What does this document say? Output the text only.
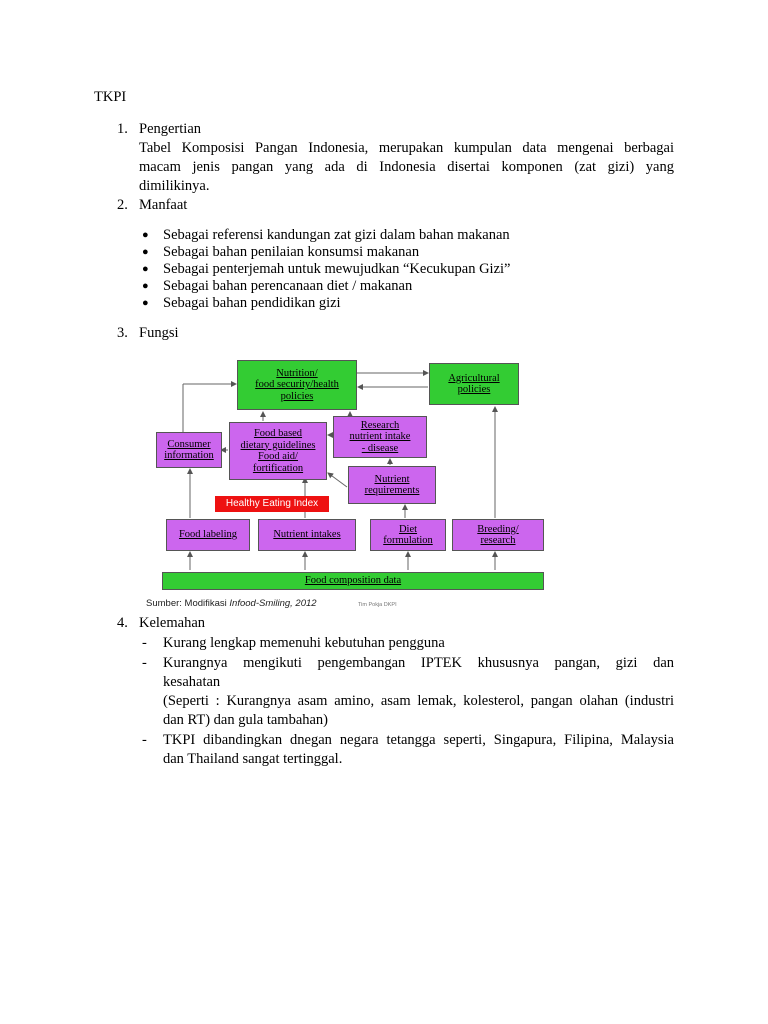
TKPI
1. Pengertian
Tabel Komposisi Pangan Indonesia, merupakan kumpulan data mengenai berbagai
macam jenis pangan yang ada di Indonesia disertai komponen (zat gizi) yang
dimilikinya.
2. Manfaat
● Sebagai referensi kandungan zat gizi dalam bahan makanan
● Sebagai bahan penilaian konsumsi makanan
● Sebagai penterjemah untuk mewujudkan “Kecukupan Gizi”
● Sebagai bahan perencanaan diet / makanan
● Sebagai bahan pendidikan gizi
3. Fungsi
Nutrition/
food security/health
policies
Agricultural
policies
Consumer
information
Food based
dietary guidelines
Food aid/
fortification
Research
nutrient intake
- disease
Nutrient
requirements
Healthy Eating Index
Food labeling	Nutrient intakes
Diet
formulation
Breeding/
research
Food composition data
Sumber: Modifikasi Infood-Smiling, 2012	Tim Pokja DKPI
4. Kelemahan
- Kurang lengkap memenuhi kebutuhan pengguna
- Kurangnya mengikuti pengembangan IPTEK khususnya pangan, gizi dan
kesahatan
(Seperti : Kurangnya asam amino, asam lemak, kolesterol, pangan olahan (industri
dan RT) dan gula tambahan)
- TKPI dibandingkan dnegan negara tetangga seperti, Singapura, Filipina, Malaysia
dan Thailand sangat tertinggal.
